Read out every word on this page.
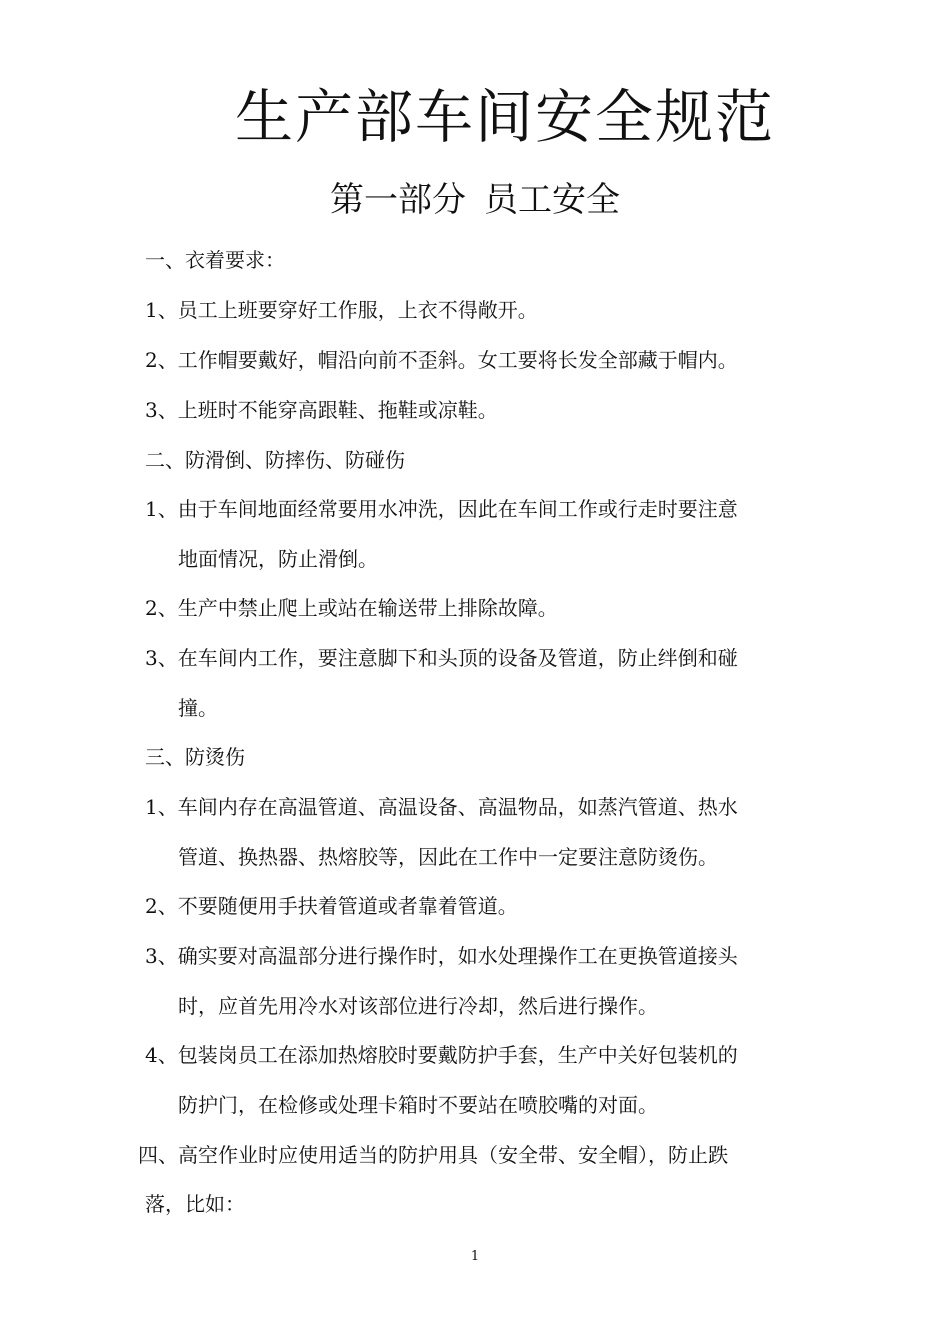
生产部车间安全规范
第一部分 员工安全
一、衣着要求：
1、员工上班要穿好工作服，上衣不得敞开。
2、工作帽要戴好，帽沿向前不歪斜。女工要将长发全部藏于帽内。
3、上班时不能穿高跟鞋、拖鞋或凉鞋。
二、防滑倒、防摔伤、防碰伤
1、由于车间地面经常要用水冲洗，因此在车间工作或行走时要注意
地面情况，防止滑倒。
2、生产中禁止爬上或站在输送带上排除故障。
3、在车间内工作，要注意脚下和头顶的设备及管道，防止绊倒和碰
撞。
三、防烫伤
1、车间内存在高温管道、高温设备、高温物品，如蒸汽管道、热水
管道、换热器、热熔胶等，因此在工作中一定要注意防烫伤。
2、不要随便用手扶着管道或者靠着管道。
3、确实要对高温部分进行操作时，如水处理操作工在更换管道接头
时，应首先用冷水对该部位进行冷却，然后进行操作。
4、包装岗员工在添加热熔胶时要戴防护手套，生产中关好包装机的
防护门，在检修或处理卡箱时不要站在喷胶嘴的对面。
四、高空作业时应使用适当的防护用具（安全带、安全帽），防止跌
落，比如：
1
